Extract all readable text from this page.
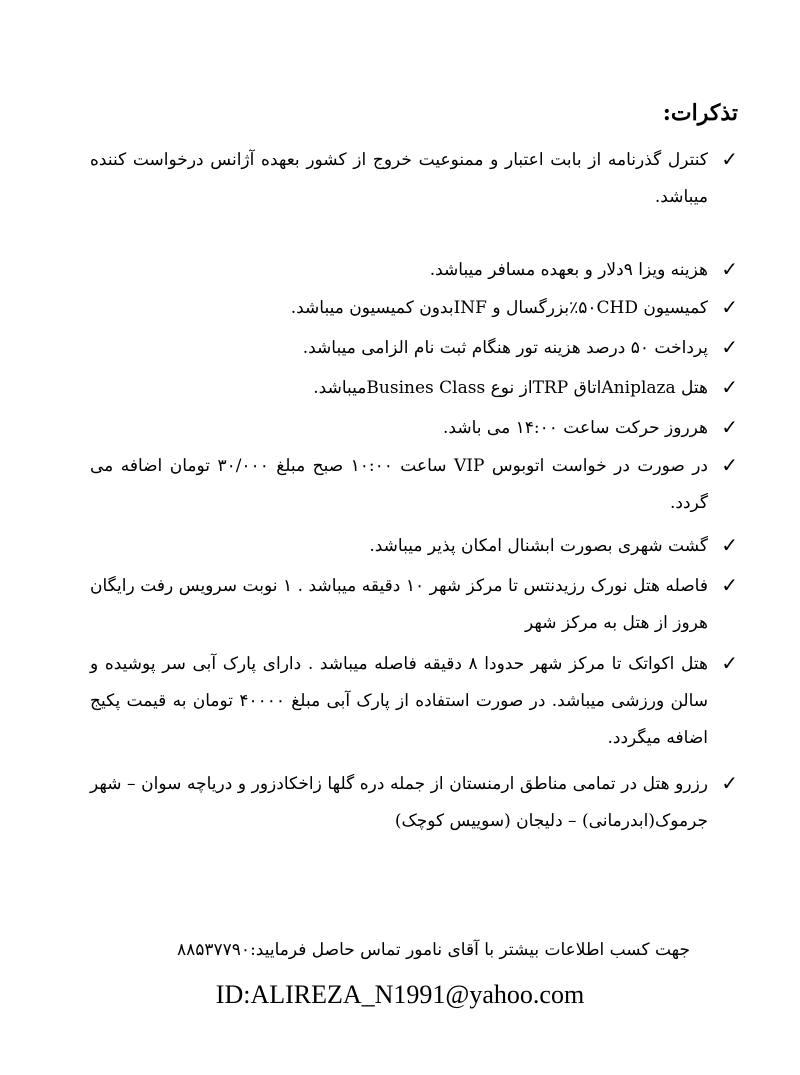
تذکرات:
✓
کنترل گذرنامه از بابت اعتبار و ممنوعیت خروج از کشور بعهده آژانس درخواست کننده میباشد.
✓
هزینه ویزا ۹دلار و بعهده مسافر میباشد.
✓
کمیسیون ۵۰CHD٪بزرگسال و INFبدون کمیسیون میباشد.
✓
پرداخت ۵۰ درصد هزینه تور هنگام ثبت نام الزامی میباشد.
✓
هتل Aniplazaاتاق TRPاز نوع Busines Classمیباشد.
✓
هرروز حرکت ساعت ۱۴:۰۰ می باشد.
✓
در صورت در خواست اتوبوس VIP ساعت ۱۰:۰۰ صبح مبلغ ۳۰/۰۰۰ تومان اضافه می گردد.
✓
گشت شهری بصورت ابشنال امکان پذیر میباشد.
✓
فاصله هتل نورک رزیدنتس تا مرکز شهر ۱۰ دقیقه میباشد . ۱ نوبت سرویس رفت رایگان هروز از هتل به مرکز شهر
✓
هتل اکواتک تا مرکز شهر حدودا ۸ دقیقه فاصله میباشد . دارای پارک آبی سر پوشیده و سالن ورزشی میباشد. در صورت استفاده از پارک آبی مبلغ ۴۰۰۰۰ تومان به قیمت پکیج اضافه میگردد.
✓
رزرو هتل در تمامی مناطق ارمنستان از جمله دره گلها زاخکادزور و دریاچه سوان – شهر جرموک(ابدرمانی) – دلیجان (سوییس کوچک)
جهت کسب اطلاعات بیشتر با آقای نامور تماس حاصل فرمایید:۸۸۵۳۷۷۹۰
ID:ALIREZA_N1991@yahoo.com
